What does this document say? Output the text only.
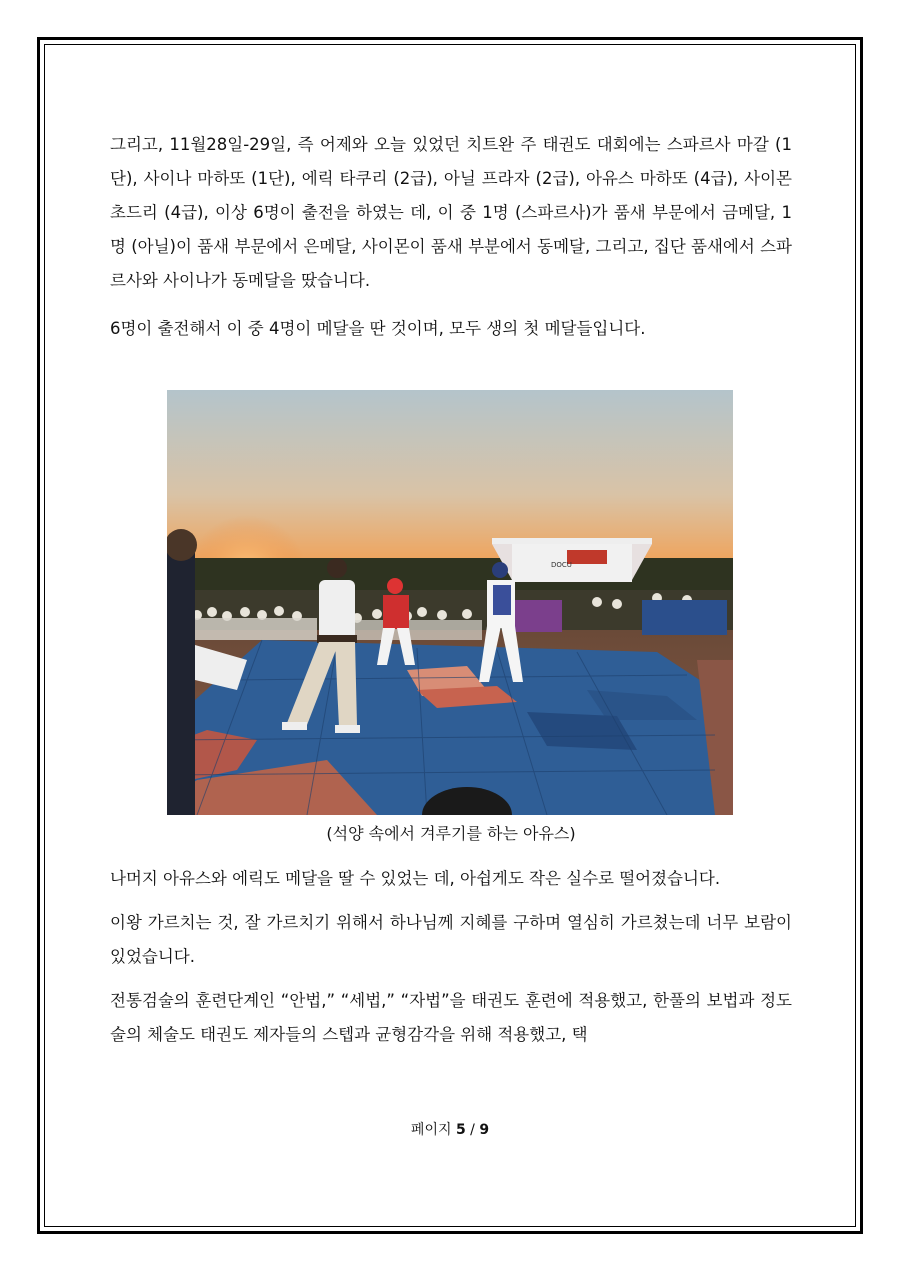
그리고, 11월28일-29일, 즉 어제와 오늘 있었던 치트완 주 태권도 대회에는 스파르사 마갈 (1단), 사이나 마하또 (1단), 에릭 타쿠리 (2급), 아닐 프라자 (2급), 아유스 마하또 (4급), 사이몬 초드리 (4급), 이상 6명이 출전을 하였는 데, 이 중 1명 (스파르사)가 품새 부문에서 금메달, 1명 (아닐)이 품새 부문에서 은메달, 사이몬이 품새 부분에서 동메달, 그리고, 집단 품새에서 스파르사와 사이나가 동메달을 땄습니다.

6명이 출전해서 이 중 4명이 메달을 딴 것이며, 모두 생의 첫 메달들입니다.

DOCU
(석양 속에서 겨루기를 하는 아유스)

나머지 아유스와 에릭도 메달을 딸 수 있었는 데, 아쉽게도 작은 실수로 떨어졌습니다.

이왕 가르치는 것, 잘 가르치기 위해서 하나님께 지혜를 구하며 열심히 가르쳤는데 너무 보람이 있었습니다.

전통검술의 훈련단계인 “안법,” “세법,” “자법”을 태권도 훈련에 적용했고, 한풀의 보법과 정도술의 체술도 태권도 제자들의 스텝과 균형감각을 위해 적용했고, 택

페이지 5 / 9
